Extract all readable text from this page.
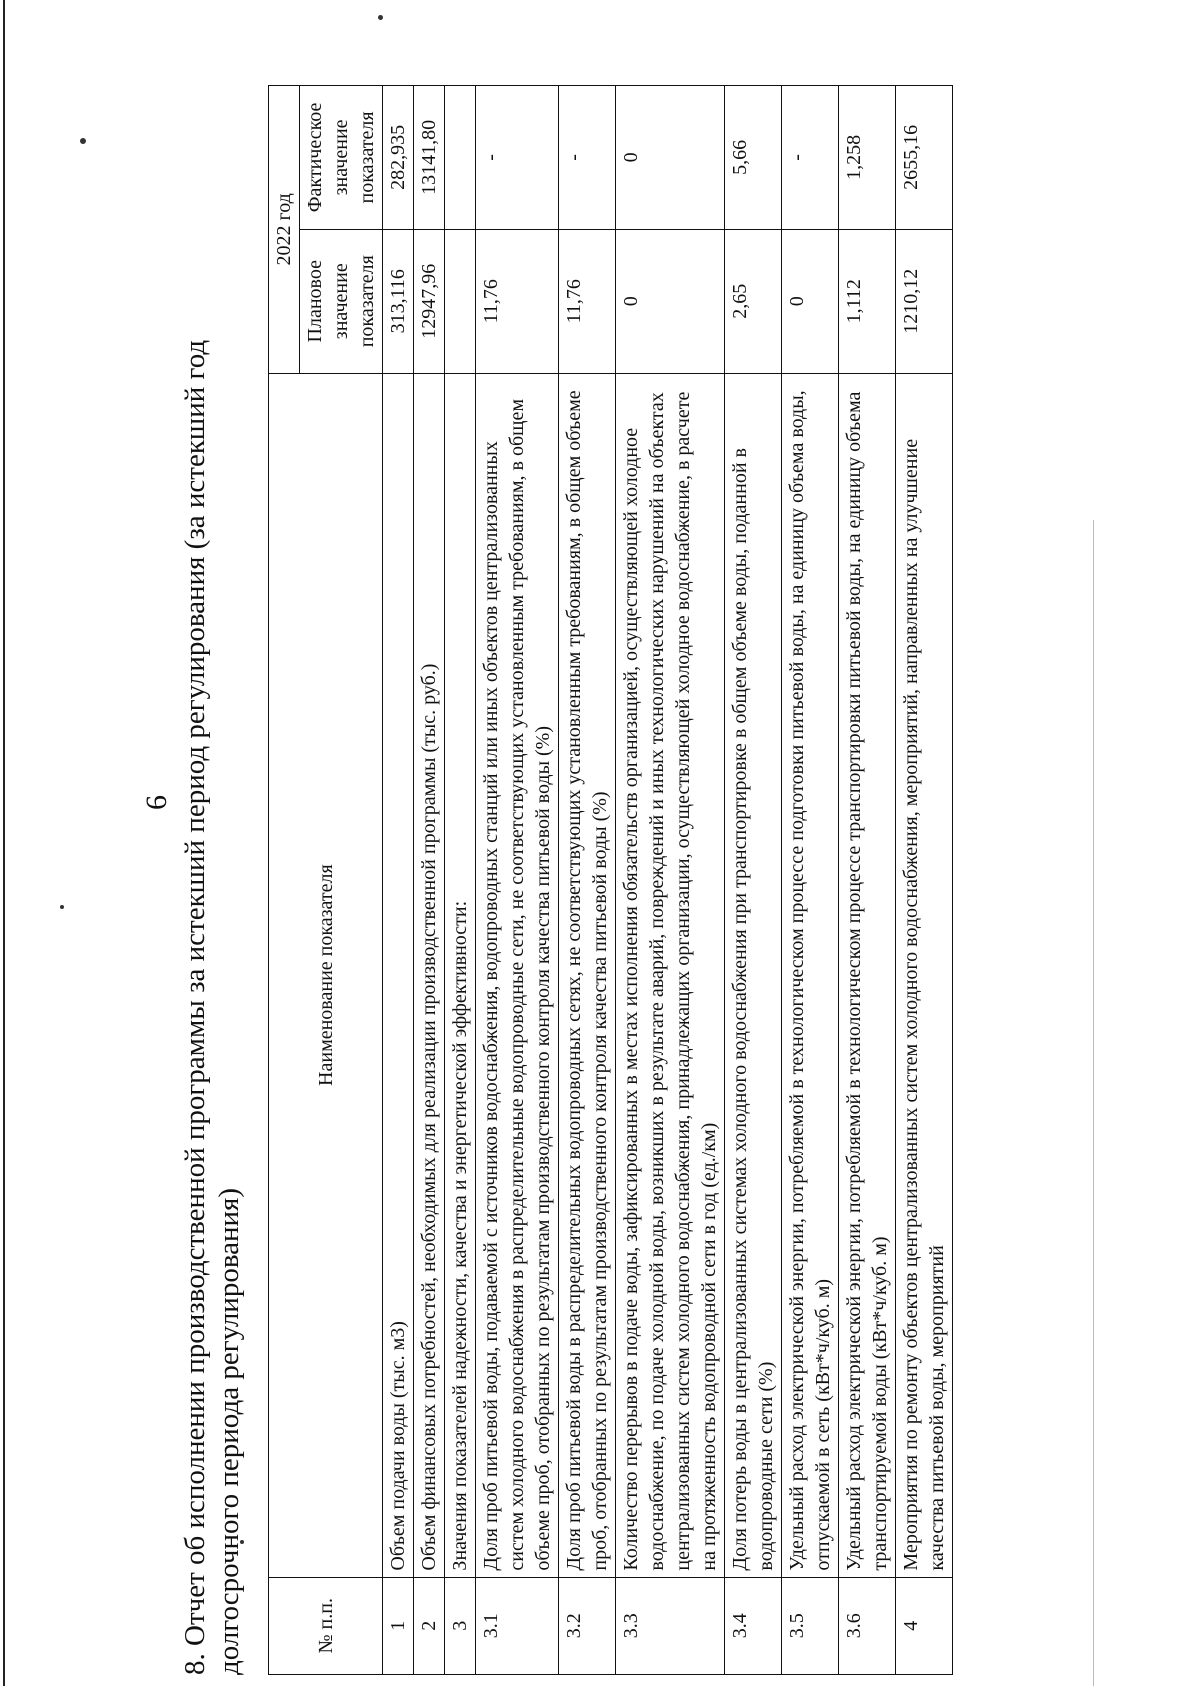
6 8. Отчет об исполнении производственной программы за истекший период регулирования (за истекший год
долгосрочного периода регулирования)	№ п.п.	Наименование показателя	2022 год	
		Плановое значение показателя	Фактическое значение показателя
1	Объем подачи воды (тыс. м3)	313,116	282,935
2	Объем финансовых потребностей, необходимых для реализации производственной программы (тыс. руб.)	12947,96	13141,80
3	Значения показателей надежности, качества и энергетической эффективности:		
3.1	Доля проб питьевой воды, подаваемой с источников водоснабжения, водопроводных станций или иных объектов централизованных систем холодного водоснабжения в распределительные водопроводные сети, не соответствующих установленным требованиям, в общем объеме проб, отобранных по результатам производственного контроля качества питьевой воды (%)	11,76	-
3.2	Доля проб питьевой воды в распределительных водопроводных сетях, не соответствующих установленным требованиям, в общем объеме проб, отобранных по результатам производственного контроля качества питьевой воды (%)	11,76	-
3.3	Количество перерывов в подаче воды, зафиксированных в местах исполнения обязательств организацией, осуществляющей холодное водоснабжение, по подаче холодной воды, возникших в результате аварий, повреждений и иных технологических нарушений на объектах централизованных систем холодного водоснабжения, принадлежащих организации, осуществляющей холодное водоснабжение, в расчете на протяженность водопроводной сети в год (ед./км)	0	0
3.4	Доля потерь воды в централизованных системах холодного водоснабжения при транспортировке в общем объеме воды, поданной в водопроводные сети (%)	2,65	5,66
3.5	Удельный расход электрической энергии, потребляемой в технологическом процессе подготовки питьевой воды, на единицу объема воды, отпускаемой в сеть (кВт*ч/куб. м)	0	-
3.6	Удельный расход электрической энергии, потребляемой в технологическом процессе транспортировки питьевой воды, на единицу объема транспортируемой воды (кВт*ч/куб. м)	1,112	1,258
4	Мероприятия по ремонту объектов централизованных систем холодного водоснабжения, мероприятий, направленных на улучшение качества питьевой воды, мероприятий	1210,12	2655,16
